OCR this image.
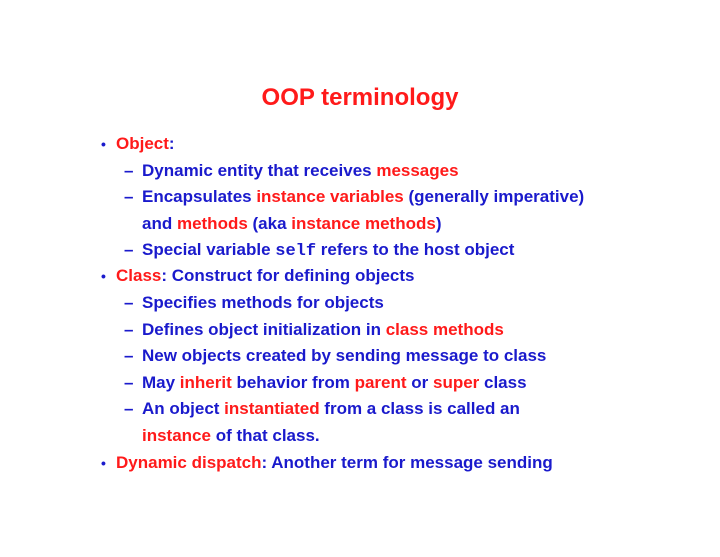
OOP terminology
• Object:
– Dynamic entity that receives messages
– Encapsulates instance variables (generally imperative)
and methods (aka instance methods)
– Special variable self refers to the host object
• Class: Construct for defining objects
– Specifies methods for objects
– Defines object initialization in class methods
– New objects created by sending message to class
– May inherit behavior from parent or super class
– An object instantiated from a class is called an
instance of that class.
• Dynamic dispatch: Another term for message sending
